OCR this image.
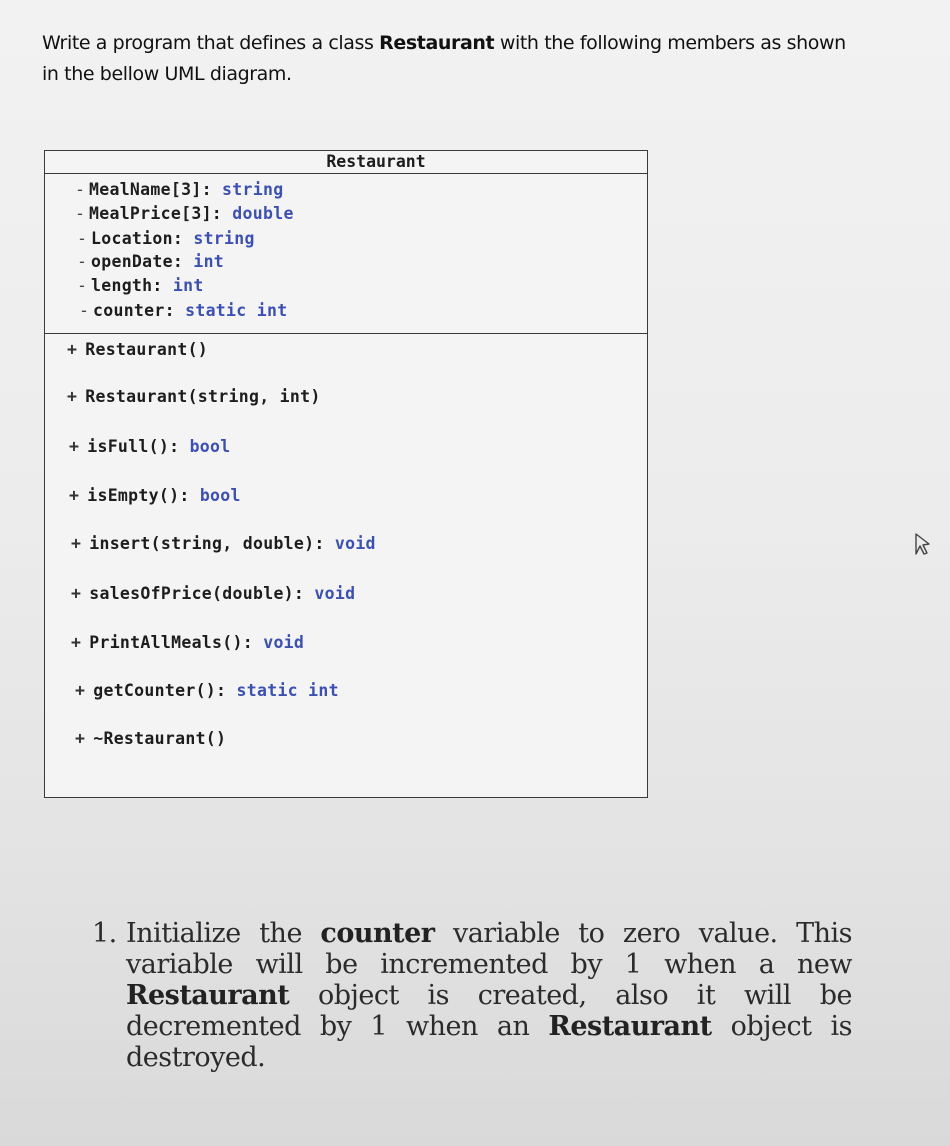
Write a program that defines a class Restaurant with the following members as shown in the bellow UML diagram.
Restaurant
- MealName[3]: string
- MealPrice[3]: double
- Location: string
- openDate: int
- length: int
- counter: static int
+ Restaurant()
+ Restaurant(string, int)
+ isFull(): bool
+ isEmpty(): bool
+ insert(string, double): void
+ salesOfPrice(double): void
+ PrintAllMeals(): void
+ getCounter(): static int
+ ~Restaurant()
1. Initialize the counter variable to zero value. This variable will be incremented by 1 when a new Restaurant object is created, also it will be decremented by 1 when an Restaurant object is destroyed.
